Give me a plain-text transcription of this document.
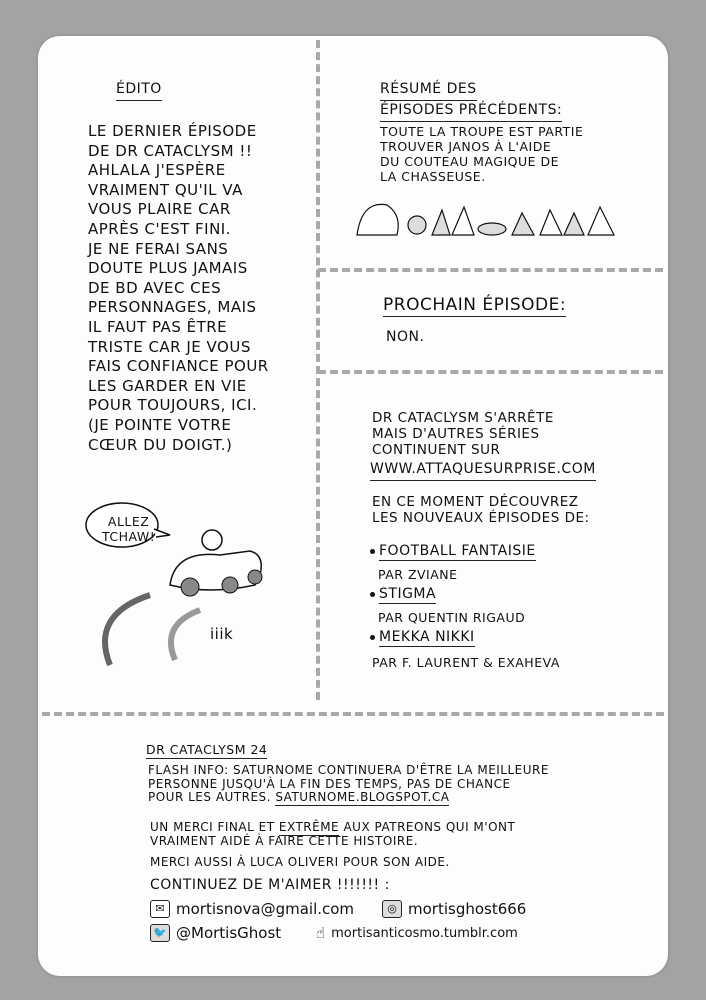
ÉDITO
LE DERNIER ÉPISODE
DE DR CATACLYSM !!
AHLALA J'ESPÈRE
VRAIMENT QU'IL VA
VOUS PLAIRE CAR
APRÈS C'EST FINI.
JE NE FERAI SANS
DOUTE PLUS JAMAIS
DE BD AVEC CES
PERSONNAGES, MAIS
IL FAUT PAS ÊTRE
TRISTE CAR JE VOUS
FAIS CONFIANCE POUR
LES GARDER EN VIE
POUR TOUJOURS, ICI.
(JE POINTE VOTRE
CŒUR DU DOIGT.)
ALLEZ
TCHAW!
iiik
RÉSUMÉ DES
ÉPISODES PRÉCÉDENTS:
TOUTE LA TROUPE EST PARTIE
TROUVER JANOS À L'AIDE
DU COUTEAU MAGIQUE DE
LA CHASSEUSE.
PROCHAIN ÉPISODE:
NON.
DR CATACLYSM S'ARRÊTE
MAIS D'AUTRES SÉRIES
CONTINUENT SUR
WWW.ATTAQUESURPRISE.COM
EN CE MOMENT DÉCOUVREZ
LES NOUVEAUX ÉPISODES DE:
FOOTBALL FANTAISIE
PAR ZVIANE
STIGMA
PAR QUENTIN RIGAUD
MEKKA NIKKI
PAR F. LAURENT & EXAHEVA
DR CATACLYSM 24
FLASH INFO: SATURNOME CONTINUERA D'ÊTRE LA MEILLEURE
PERSONNE JUSQU'À LA FIN DES TEMPS, PAS DE CHANCE
POUR LES AUTRES. SATURNOME.BLOGSPOT.CA
UN MERCI FINAL ET EXTRÊME AUX PATREONS QUI M'ONT
VRAIMENT AIDÉ À FAIRE CETTE HISTOIRE.
MERCI AUSSI À LUCA OLIVERI POUR SON AIDE.
CONTINUEZ DE M'AIMER !!!!!!! :
✉ mortisnova@gmail.com	◎ mortisghost666
🐦 @MortisGhost ☝ mortisanticosmo.tumblr.com
